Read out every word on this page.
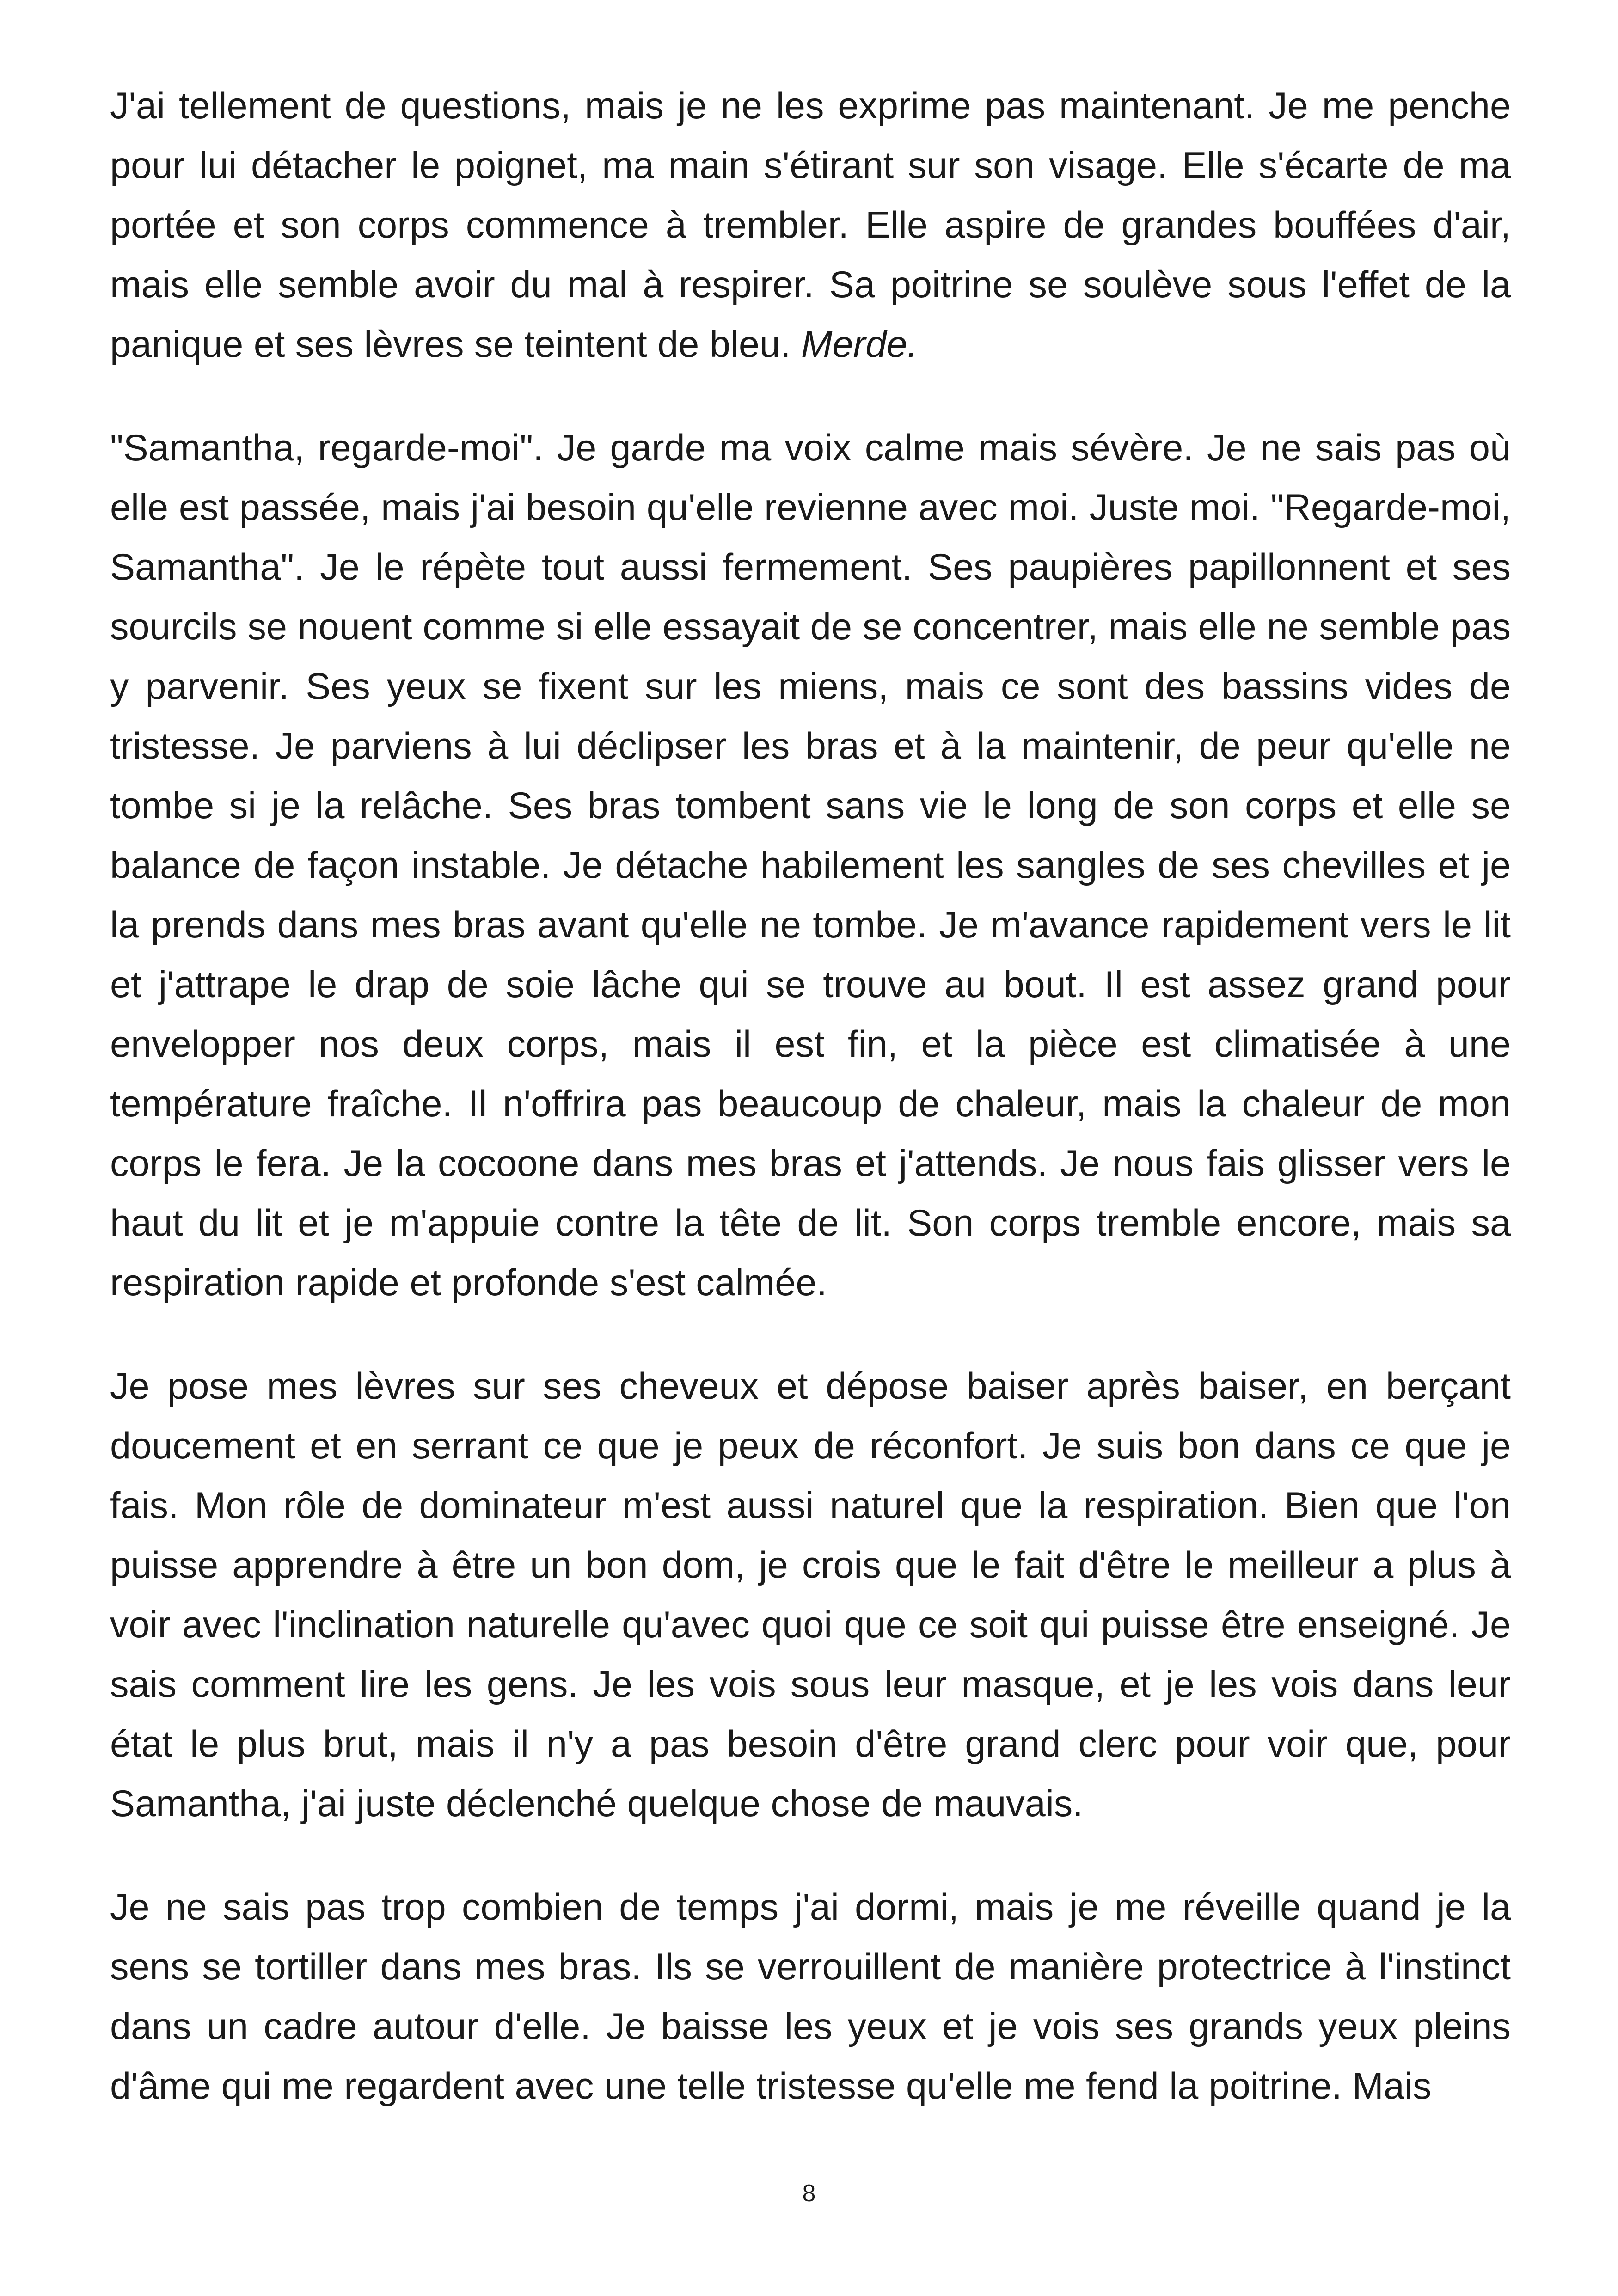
J'ai tellement de questions, mais je ne les exprime pas maintenant. Je me penche pour lui détacher le poignet, ma main s'étirant sur son visage. Elle s'écarte de ma portée et son corps commence à trembler. Elle aspire de grandes bouffées d'air, mais elle semble avoir du mal à respirer. Sa poitrine se soulève sous l'effet de la panique et ses lèvres se teintent de bleu. Merde.

"Samantha, regarde-moi". Je garde ma voix calme mais sévère. Je ne sais pas où elle est passée, mais j'ai besoin qu'elle revienne avec moi. Juste moi. "Regarde-moi, Samantha". Je le répète tout aussi fermement. Ses paupières papillonnent et ses sourcils se nouent comme si elle essayait de se concentrer, mais elle ne semble pas y parvenir. Ses yeux se fixent sur les miens, mais ce sont des bassins vides de tristesse. Je parviens à lui déclipser les bras et à la maintenir, de peur qu'elle ne tombe si je la relâche. Ses bras tombent sans vie le long de son corps et elle se balance de façon instable. Je détache habilement les sangles de ses chevilles et je la prends dans mes bras avant qu'elle ne tombe. Je m'avance rapidement vers le lit et j'attrape le drap de soie lâche qui se trouve au bout. Il est assez grand pour envelopper nos deux corps, mais il est fin, et la pièce est climatisée à une température fraîche. Il n'offrira pas beaucoup de chaleur, mais la chaleur de mon corps le fera. Je la cocoone dans mes bras et j'attends. Je nous fais glisser vers le haut du lit et je m'appuie contre la tête de lit. Son corps tremble encore, mais sa respiration rapide et profonde s'est calmée.

Je pose mes lèvres sur ses cheveux et dépose baiser après baiser, en berçant doucement et en serrant ce que je peux de réconfort. Je suis bon dans ce que je fais. Mon rôle de dominateur m'est aussi naturel que la respiration. Bien que l'on puisse apprendre à être un bon dom, je crois que le fait d'être le meilleur a plus à voir avec l'inclination naturelle qu'avec quoi que ce soit qui puisse être enseigné. Je sais comment lire les gens. Je les vois sous leur masque, et je les vois dans leur état le plus brut, mais il n'y a pas besoin d'être grand clerc pour voir que, pour Samantha, j'ai juste déclenché quelque chose de mauvais.

Je ne sais pas trop combien de temps j'ai dormi, mais je me réveille quand je la sens se tortiller dans mes bras. Ils se verrouillent de manière protectrice à l'instinct dans un cadre autour d'elle. Je baisse les yeux et je vois ses grands yeux pleins d'âme qui me regardent avec une telle tristesse qu'elle me fend la poitrine. Mais

8
